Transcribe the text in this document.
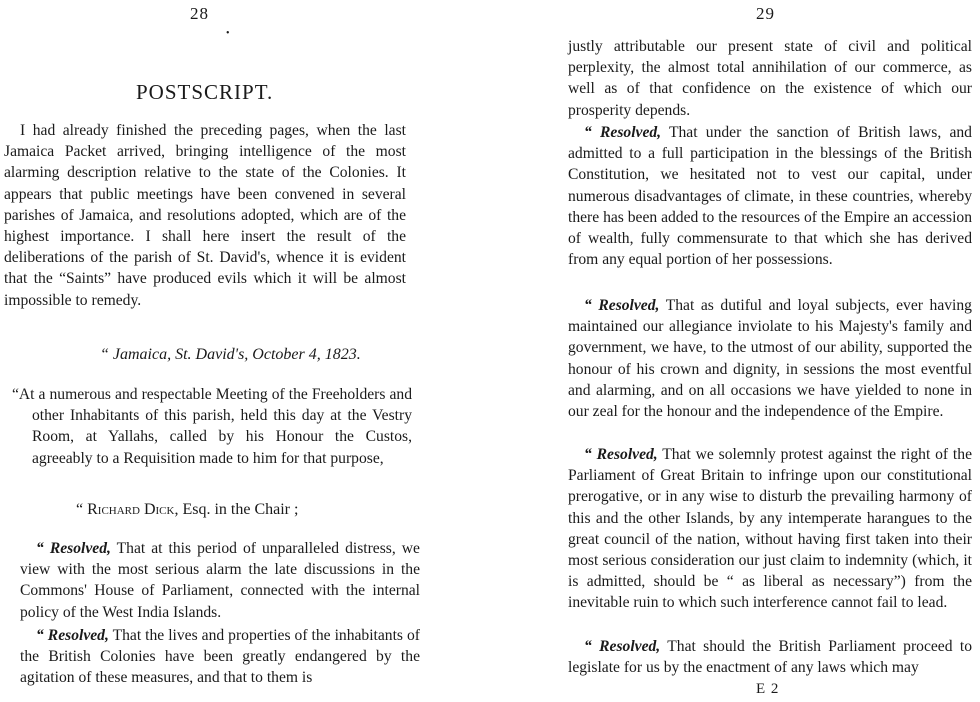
28
•
POSTSCRIPT.

I had already finished the preceding pages, when the last Jamaica Packet arrived, bringing intelligence of the most alarming description relative to the state of the Colonies. It appears that public meetings have been convened in several parishes of Jamaica, and resolutions adopted, which are of the highest importance. I shall here insert the result of the deliberations of the parish of St. David's, whence it is evident that the “Saints” have produced evils which it will be almost impossible to remedy.

“ Jamaica, St. David's, October 4, 1823.

“At a numerous and respectable Meeting of the Freeholders and other Inhabitants of this parish, held this day at the Vestry Room, at Yallahs, called by his Honour the Custos, agreeably to a Requisition made to him for that purpose,

“ Richard Dick, Esq. in the Chair ;

“ Resolved, That at this period of unparalleled distress, we view with the most serious alarm the late discussions in the Commons' House of Parliament, connected with the internal policy of the West India Islands.

“ Resolved, That the lives and properties of the inhabitants of the British Colonies have been greatly endangered by the agitation of these measures, and that to them is

29

justly attributable our present state of civil and political perplexity, the almost total annihilation of our commerce, as well as of that confidence on the existence of which our prosperity depends.

“ Resolved, That under the sanction of British laws, and admitted to a full participation in the blessings of the British Constitution, we hesitated not to vest our capital, under numerous disadvantages of climate, in these countries, whereby there has been added to the resources of the Empire an accession of wealth, fully commensurate to that which she has derived from any equal portion of her possessions.

“ Resolved, That as dutiful and loyal subjects, ever having maintained our allegiance inviolate to his Majesty's family and government, we have, to the utmost of our ability, supported the honour of his crown and dignity, in sessions the most eventful and alarming, and on all occasions we have yielded to none in our zeal for the honour and the independence of the Empire.

“ Resolved, That we solemnly protest against the right of the Parliament of Great Britain to infringe upon our constitutional prerogative, or in any wise to disturb the prevailing harmony of this and the other Islands, by any intemperate harangues to the great council of the nation, without having first taken into their most serious consideration our just claim to indemnity (which, it is admitted, should be “ as liberal as necessary”) from the inevitable ruin to which such interference cannot fail to lead.

“ Resolved, That should the British Parliament proceed to legislate for us by the enactment of any laws which may

E 2
